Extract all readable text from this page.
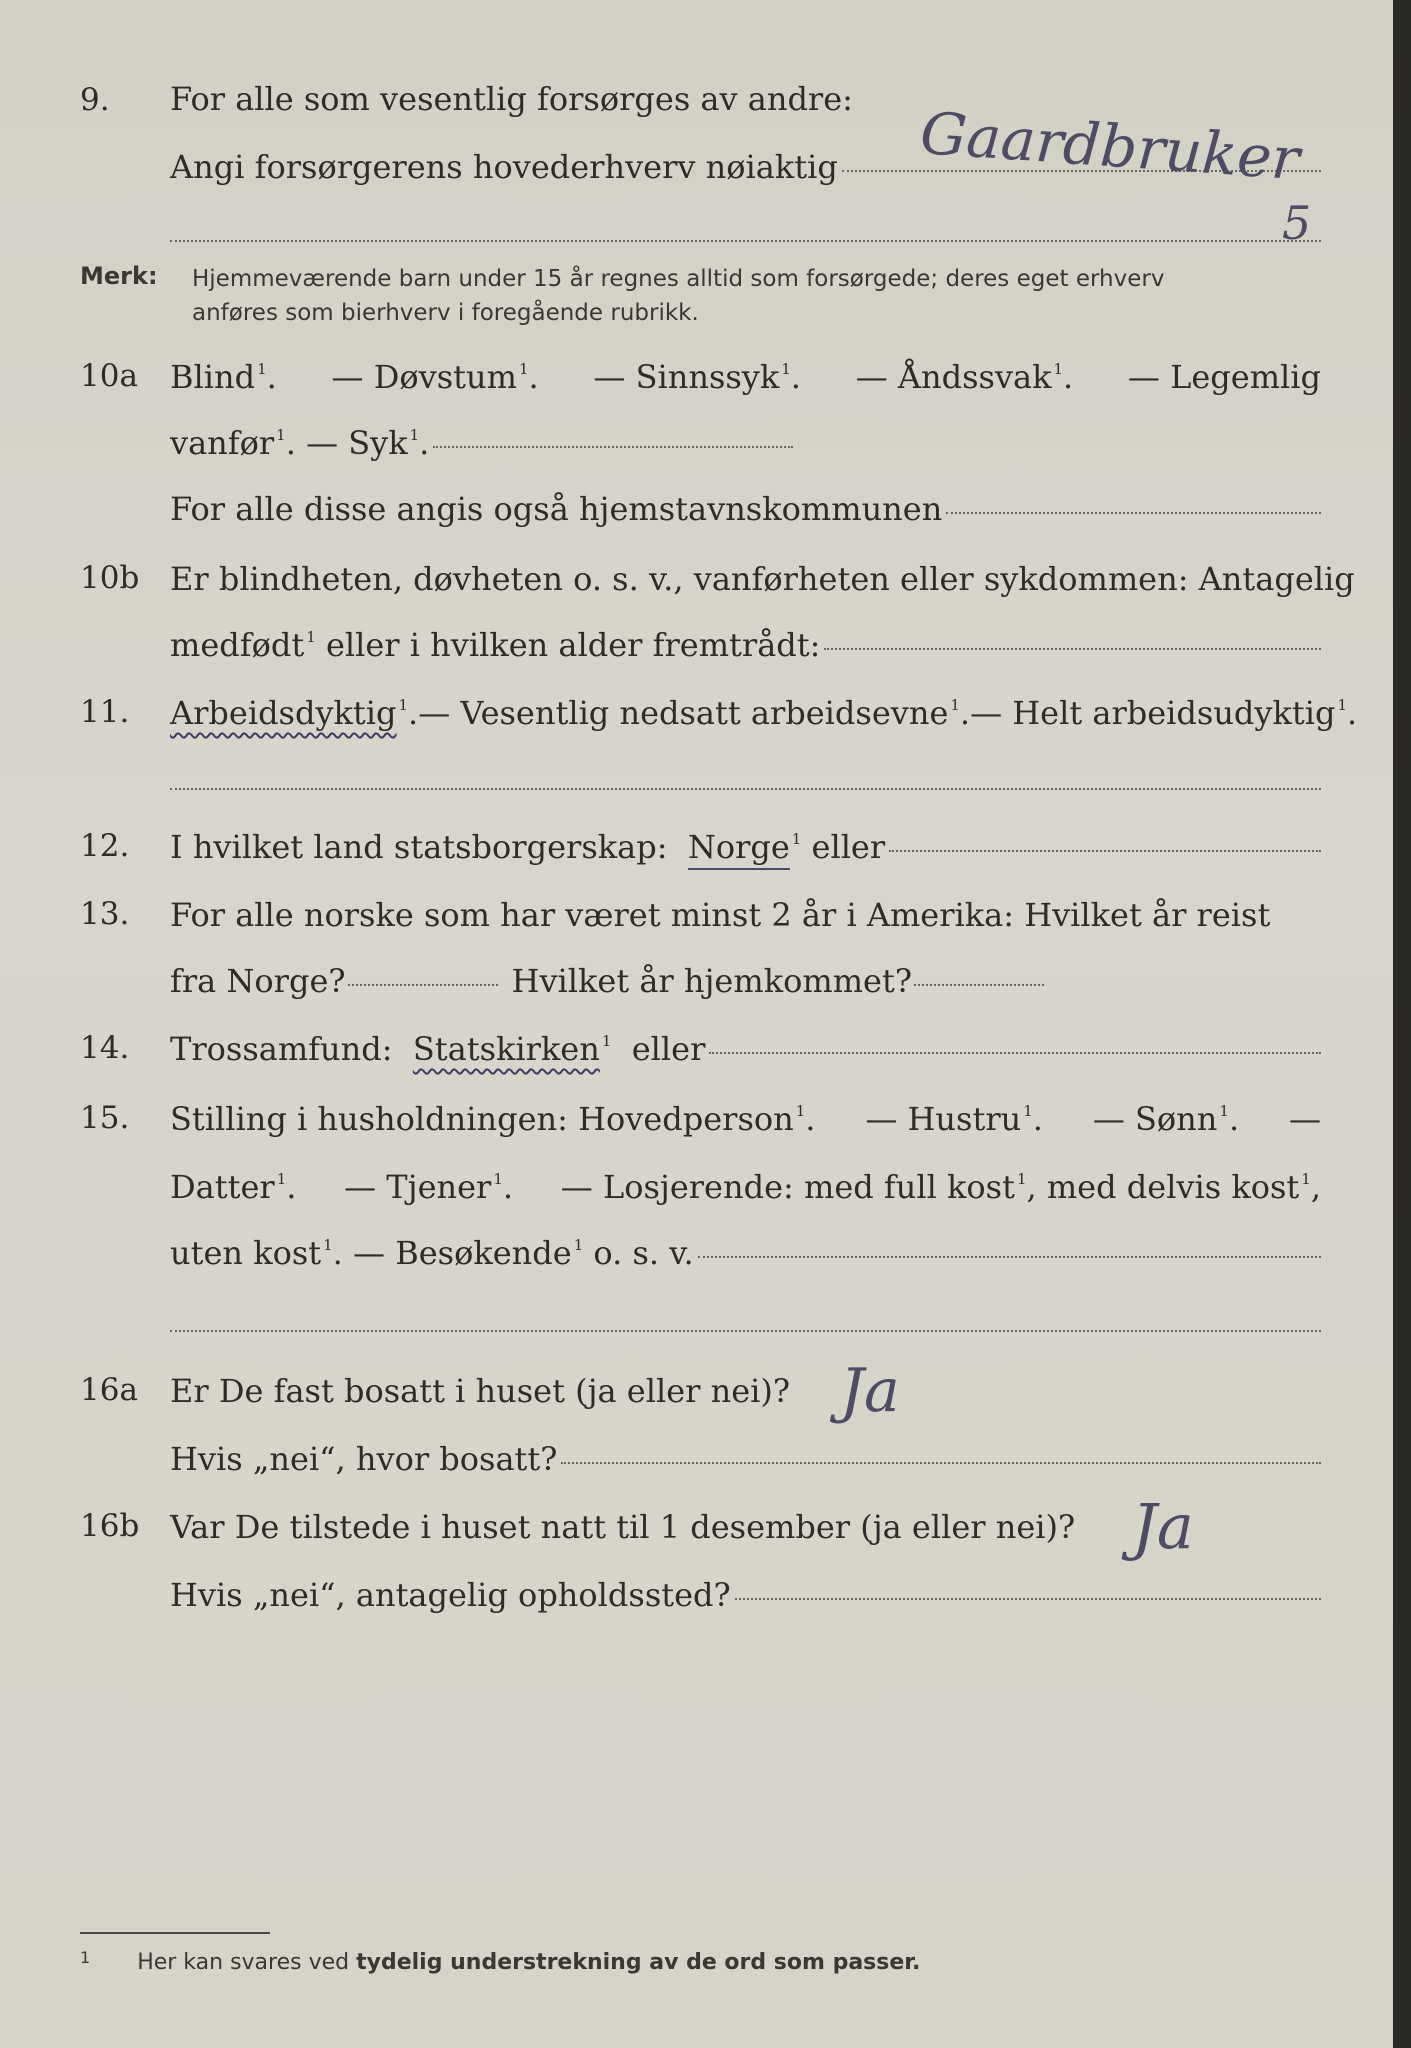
9. For alle som vesentlig forsørges av andre:
Angi forsørgerens hovederhverv nøiaktig Gaardbruker
5
Merk: Hjemmeværende barn under 15 år regnes alltid som forsørgede; deres eget erhverv
anføres som bierhverv i foregående rubrikk.
10a Blind $^1$. — Døvstum $^1$. — Sinnssyk $^1$. — Åndssvak $^1$. — Legemlig
vanfør $^1$. — Syk $^1$.
For alle disse angis også hjemstavnskommunen
10b Er blindheten, døvheten o. s. v., vanførheten eller sykdommen: Antagelig
medfødt $^1$ eller i hvilken alder fremtrådt:
11. Arbeidsdyktig $^1$. — Vesentlig nedsatt arbeidsevne $^1$. — Helt arbeidsudyktig $^1$.
12. I hvilket land statsborgerskap:
Norge $^1$
eller
13. For alle norske som har været minst 2 år i Amerika: Hvilket år reist
fra Norge?	Hvilket år hjemkommet?
14. Trossamfund:
Statskirken $^1$
eller
15. Stilling i husholdningen: Hovedperson $^1$. — Hustru $^1$. — Sønn $^1$. —
Datter $^1$. — Tjener $^1$. — Losjerende: med full kost $^1$, med delvis kost $^1$,
uten kost $^1$. — Besøkende $^1$ o. s. v.
16a Er De fast bosatt i huset (ja eller nei)? Ja
Hvis „nei“, hvor bosatt?
16b Var De tilstede i huset natt til 1 desember (ja eller nei)? Ja
Hvis „nei“, antagelig opholdssted?
$^1$ Her kan svares ved tydelig understrekning av de ord som passer.
